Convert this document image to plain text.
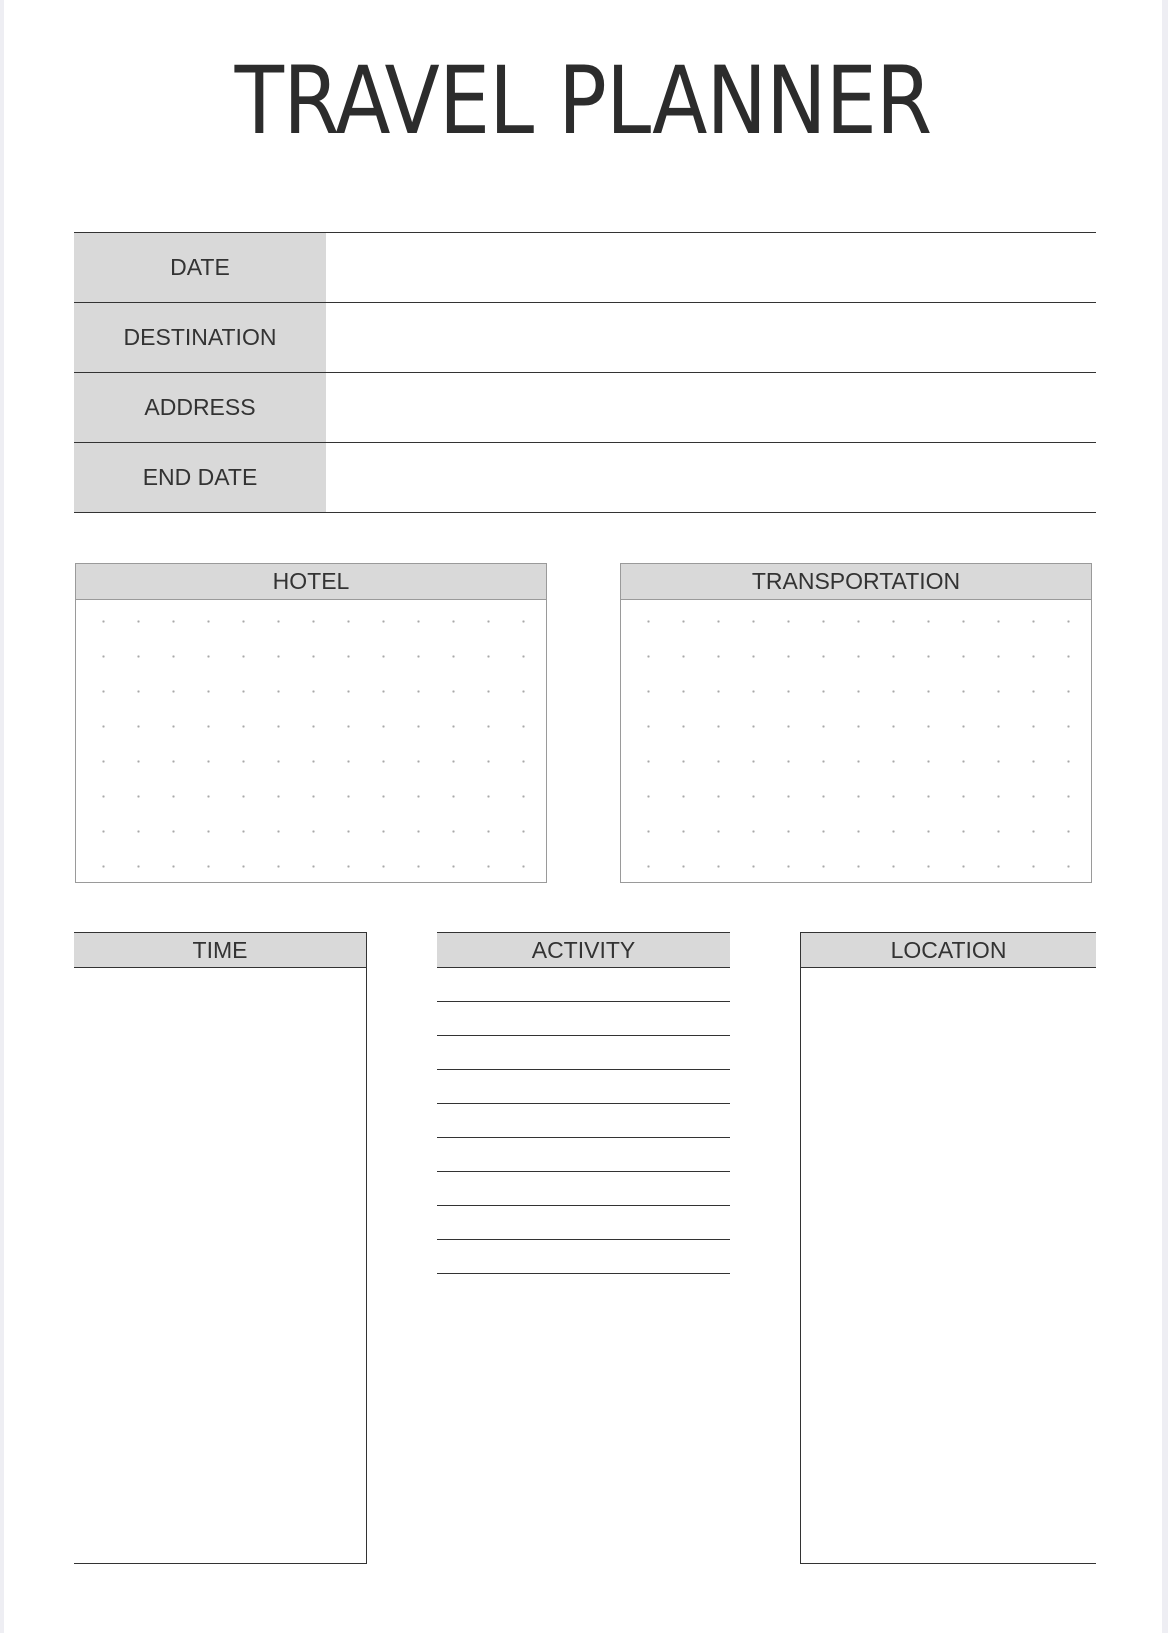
TRAVEL PLANNER
DATE
DESTINATION
ADDRESS
END DATE
HOTEL	TRANSPORTATION
TIME	ACTIVITY	LOCATION
